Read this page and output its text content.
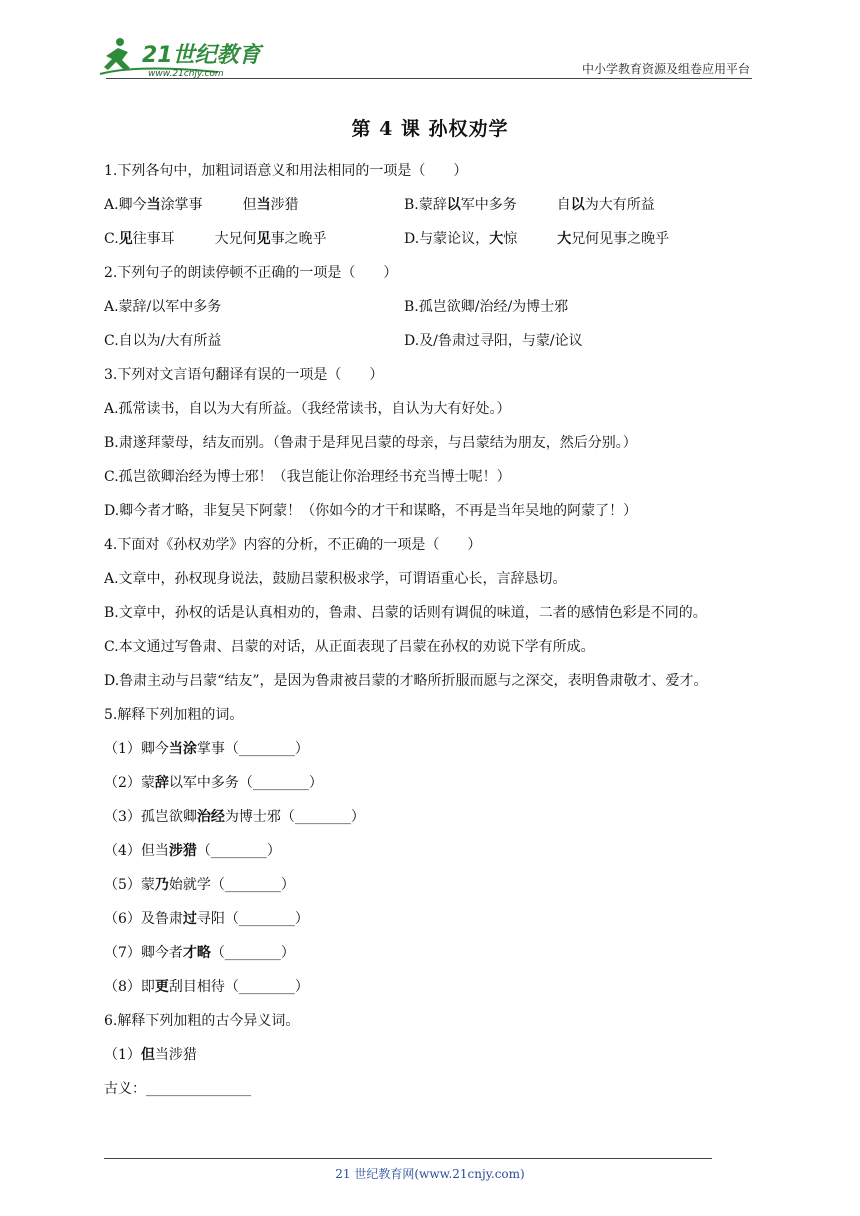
21世纪教育
www.21cnjy.com	中小学教育资源及组卷应用平台
第 4 课 孙权劝学
1.下列各句中，加粗词语意义和用法相同的一项是（　　）
A.卿今当涂掌事	但当涉猎	B.蒙辞以军中多务	自以为大有所益
C.见往事耳	大兄何见事之晚乎	D.与蒙论议，大惊	大兄何见事之晚乎
2.下列句子的朗读停顿不正确的一项是（　　）
A.蒙辞/以军中多务	B.孤岂欲卿/治经/为博士邪
C.自以为/大有所益	D.及/鲁肃过寻阳，与蒙/论议
3.下列对文言语句翻译有误的一项是（　　）
A.孤常读书，自以为大有所益。（我经常读书，自认为大有好处。）
B.肃遂拜蒙母，结友而别。（鲁肃于是拜见吕蒙的母亲，与吕蒙结为朋友，然后分别。）
C.孤岂欲卿治经为博士邪！（我岂能让你治理经书充当博士呢！）
D.卿今者才略，非复吴下阿蒙！（你如今的才干和谋略，不再是当年吴地的阿蒙了！）
4.下面对《孙权劝学》内容的分析，不正确的一项是（　　）
A.文章中，孙权现身说法，鼓励吕蒙积极求学，可谓语重心长，言辞恳切。
B.文章中，孙权的话是认真相劝的，鲁肃、吕蒙的话则有调侃的味道，二者的感情色彩是不同的。
C.本文通过写鲁肃、吕蒙的对话，从正面表现了吕蒙在孙权的劝说下学有所成。
D.鲁肃主动与吕蒙“结友”，是因为鲁肃被吕蒙的才略所折服而愿与之深交，表明鲁肃敬才、爱才。
5.解释下列加粗的词。
（1）卿今当涂掌事（________）
（2）蒙辞以军中多务（________）
（3）孤岂欲卿治经为博士邪（________）
（4）但当涉猎（________）
（5）蒙乃始就学（________）
（6）及鲁肃过寻阳（________）
（7）卿今者才略（________）
（8）即更刮目相待（________）
6.解释下列加粗的古今异义词。
（1）但当涉猎
古义：_______________
21 世纪教育网(www.21cnjy.com)
